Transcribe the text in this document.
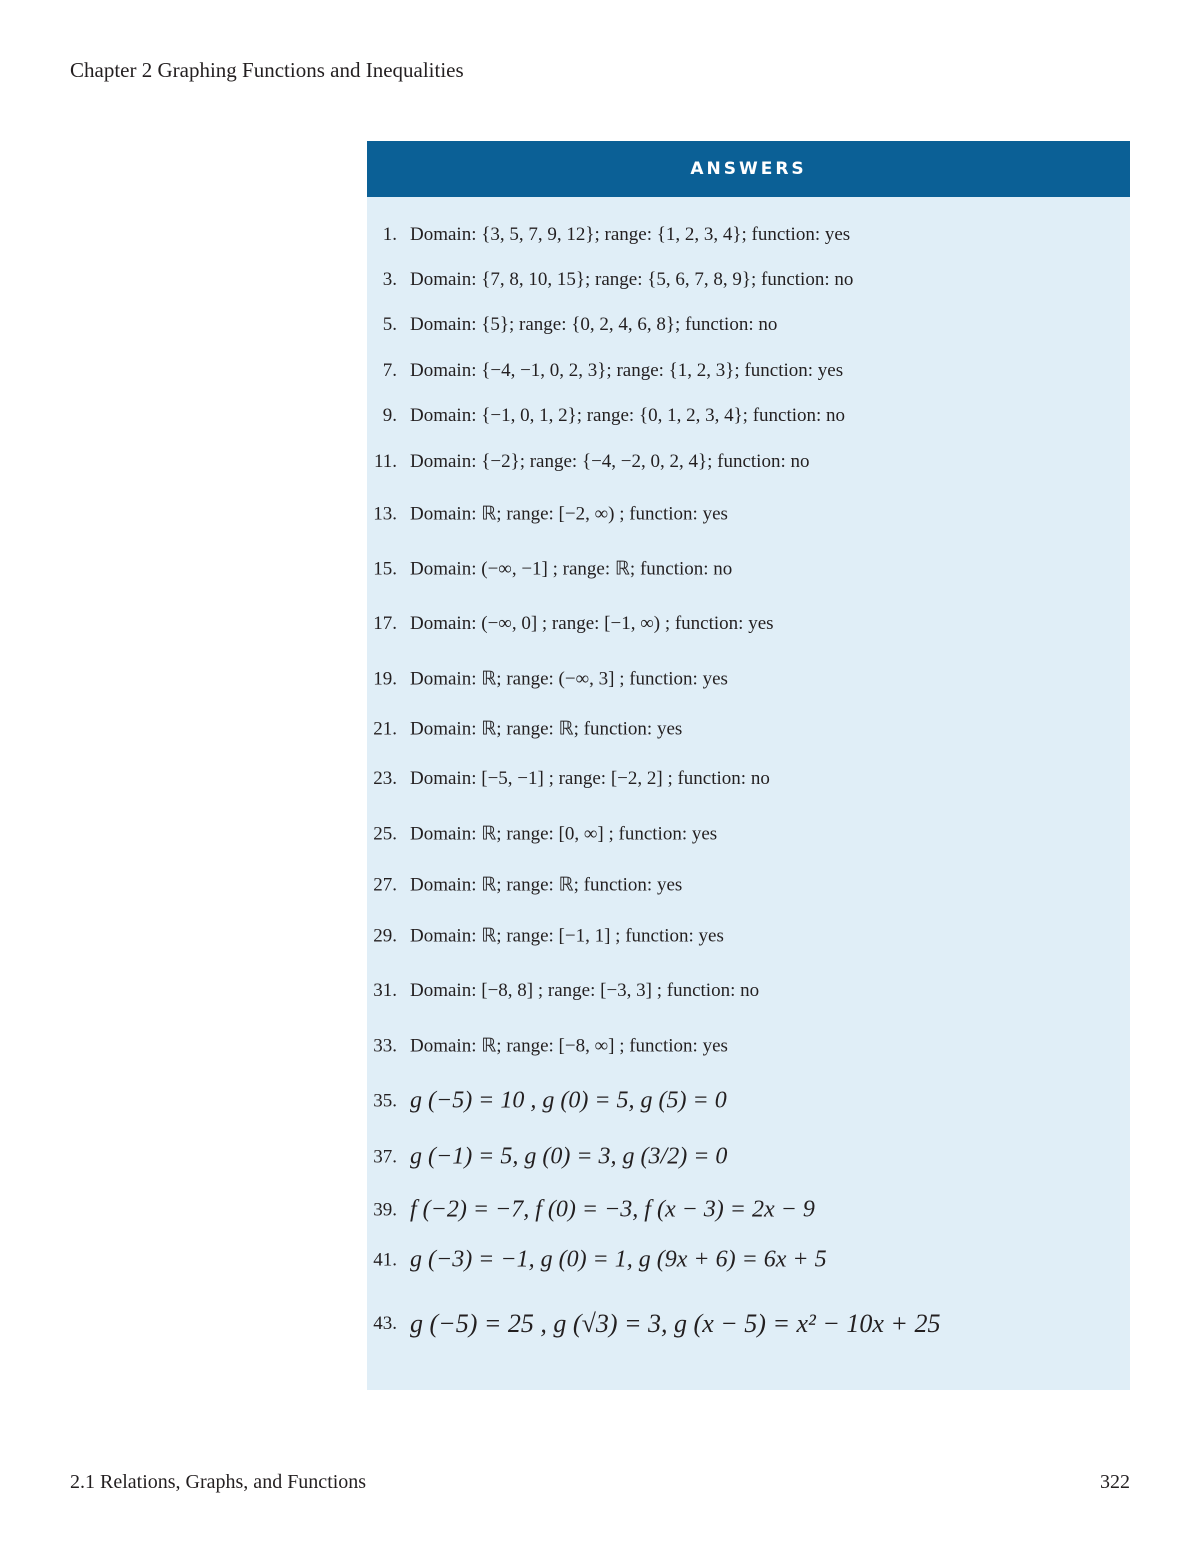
Chapter 2 Graphing Functions and Inequalities
ANSWERS
1. Domain: {3, 5, 7, 9, 12}; range: {1, 2, 3, 4}; function: yes
3. Domain: {7, 8, 10, 15}; range: {5, 6, 7, 8, 9}; function: no
5. Domain: {5}; range: {0, 2, 4, 6, 8}; function: no
7. Domain: {−4, −1, 0, 2, 3}; range: {1, 2, 3}; function: yes
9. Domain: {−1, 0, 1, 2}; range: {0, 1, 2, 3, 4}; function: no
11. Domain: {−2}; range: {−4, −2, 0, 2, 4}; function: no
13. Domain: ℝ; range: [−2, ∞) ; function: yes
15. Domain: (−∞, −1] ; range: ℝ; function: no
17. Domain: (−∞, 0] ; range: [−1, ∞) ; function: yes
19. Domain: ℝ; range: (−∞, 3] ; function: yes
21. Domain: ℝ; range: ℝ; function: yes
23. Domain: [−5, −1] ; range: [−2, 2] ; function: no
25. Domain: ℝ; range: [0, ∞] ; function: yes
27. Domain: ℝ; range: ℝ; function: yes
29. Domain: ℝ; range: [−1, 1] ; function: yes
31. Domain: [−8, 8] ; range: [−3, 3] ; function: no
33. Domain: ℝ; range: [−8, ∞] ; function: yes
35. g (−5) = 10 , g (0) = 5, g (5) = 0
37. g (−1) = 5, g (0) = 3, g (3/2) = 0
39. f (−2) = −7, f (0) = −3, f (x − 3) = 2x − 9
41. g (−3) = −1, g (0) = 1, g (9x + 6) = 6x + 5
43. g (−5) = 25 , g (√3) = 3, g (x − 5) = x² − 10x + 25
2.1 Relations, Graphs, and Functions	322
